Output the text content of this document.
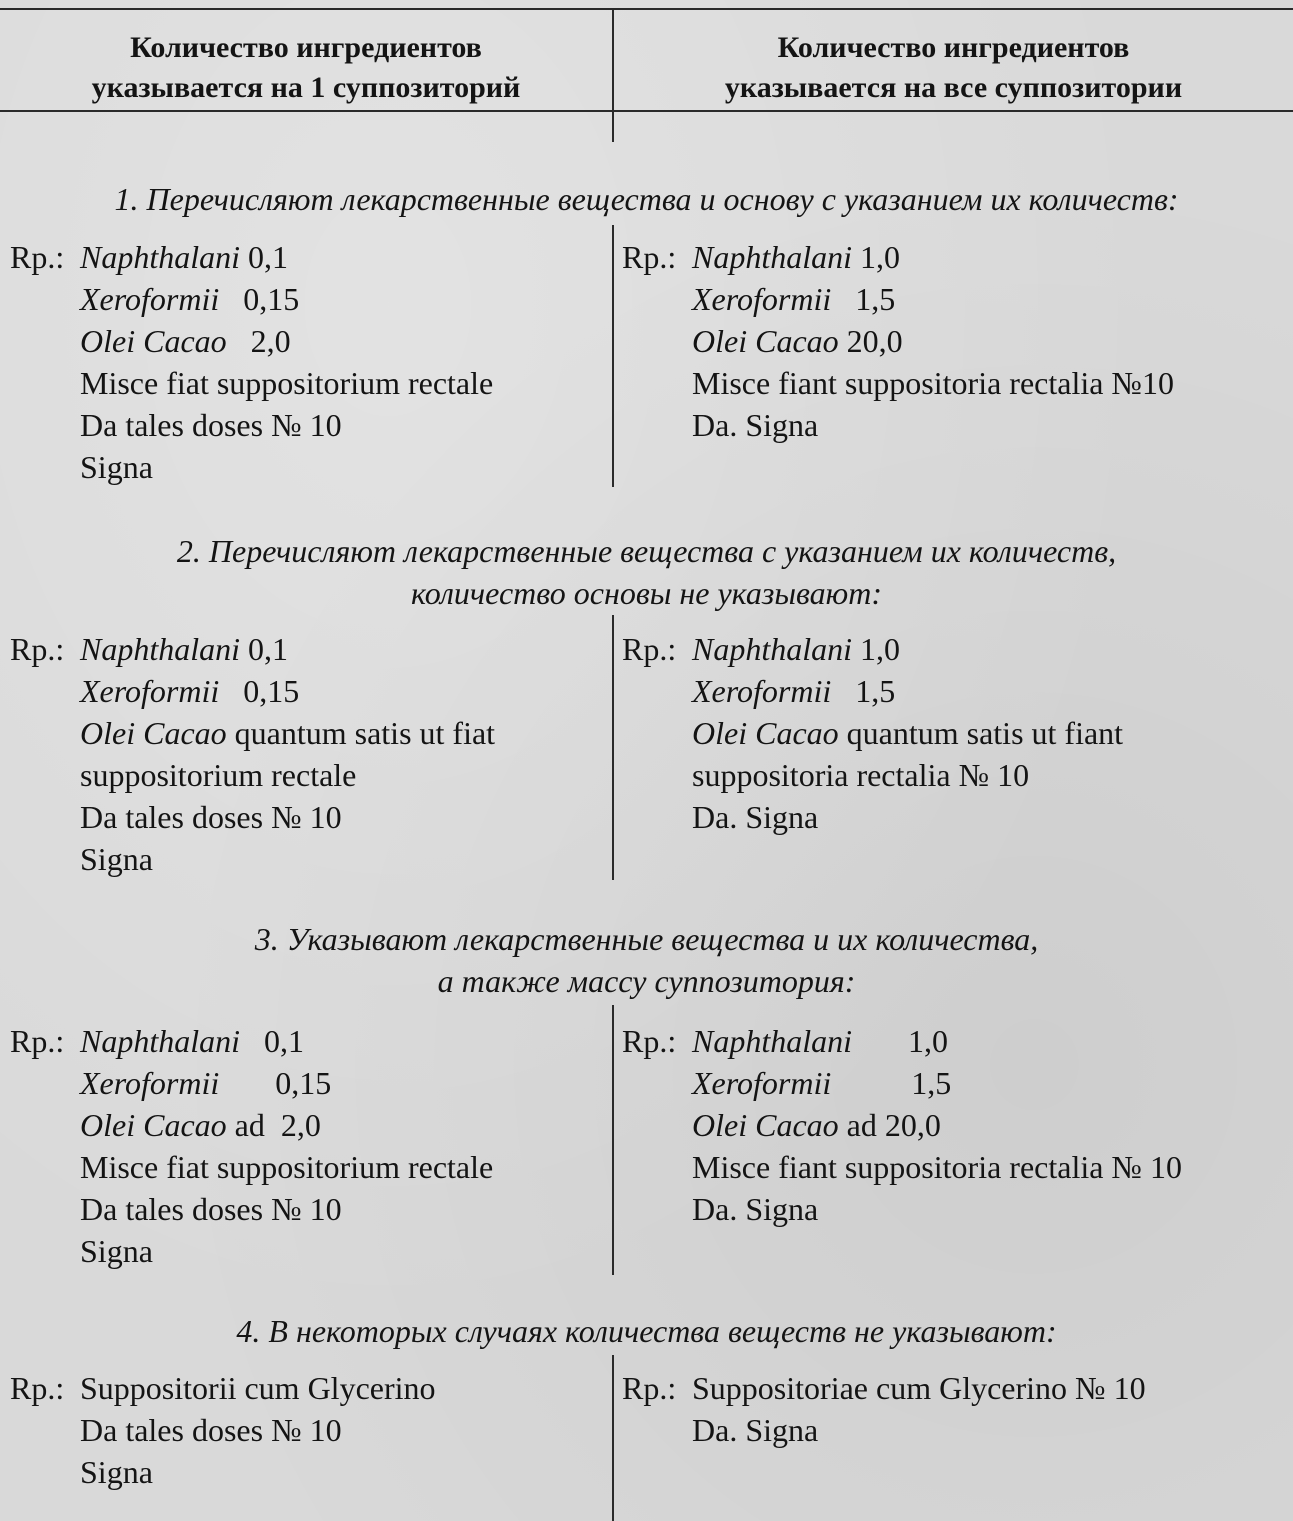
Количество ингредиентов
указывается на 1 суппозиторий
Количество ингредиентов
указывается на все суппозитории
1. Перечисляют лекарственные вещества и основу с указанием их количеств:
Rp.: Naphthalani 0,1
Xeroformii   0,15
Olei Cacao   2,0
Misce fiat suppositorium rectale
Da tales doses № 10
Signa
Rp.: Naphthalani 1,0
Xeroformii   1,5
Olei Cacao 20,0
Misce fiant suppositoria rectalia №10
Da. Signa
2. Перечисляют лекарственные вещества с указанием их количеств,
количество основы не указывают:
Rp.: Naphthalani 0,1
Xeroformii   0,15
Olei Cacao quantum satis ut fiat
suppositorium rectale
Da tales doses № 10
Signa
Rp.: Naphthalani 1,0
Xeroformii   1,5
Olei Cacao quantum satis ut fiant
suppositoria rectalia № 10
Da. Signa
3. Указывают лекарственные вещества и их количества,
а также массу суппозитория:
Rp.: Naphthalani   0,1
Xeroformii       0,15
Olei Cacao ad  2,0
Misce fiat suppositorium rectale
Da tales doses № 10
Signa
Rp.: Naphthalani       1,0
Xeroformii          1,5
Olei Cacao ad 20,0
Misce fiant suppositoria rectalia № 10
Da. Signa
4. В некоторых случаях количества веществ не указывают:
Rp.: Suppositorii cum Glycerino
Da tales doses № 10
Signa
Rp.: Suppositoriae cum Glycerino № 10
Da. Signa
